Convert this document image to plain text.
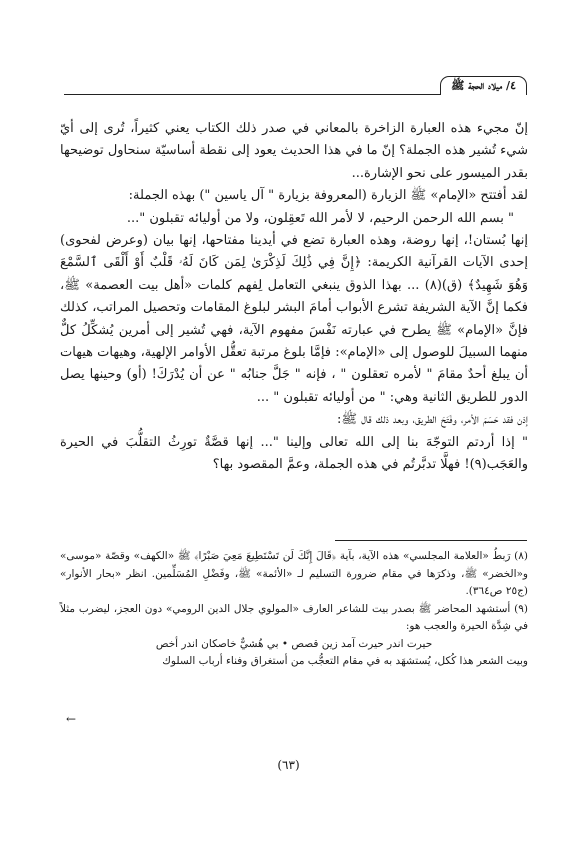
٤/ ميلاد الحجة ﷺ

إنّ مجيء هذه العبارة الزاخرة بالمعاني في صدر ذلك الكتاب يعني كثيراً، تُرى إلى أيّ شيء تُشير هذه الجملة؟ إنّ ما في هذا الحديث يعود إلى نقطة أساسيّة سنحاول توضيحها بقدر الميسور على نحو الإشارة...

لقد أفتتح «الإمام» ﷺ الزيارة (المعروفة بزيارة " آل ياسين ") بهذه الجملة:

" بسم الله الرحمن الرحيم، لا لأمر الله تَعقِلون، ولا من أوليائه تقبلون "...

إنها بُستان!، إنها روضة، وهذه العبارة تضع في أيدينا مفتاحها، إنها بيان (وعرض لفحوى) إحدى الآيات القرآنية الكريمة: ﴿إِنَّ فِي ذَٰلِكَ لَذِكْرَىٰ لِمَن كَانَ لَهُۥ قَلْبٌ أَوْ أَلْقَى ٱلسَّمْعَ وَهُوَ شَهِيدٌ﴾ (ق)(٨) ... بهذا الذوق ينبغي التعامل لِفهم كلمات «أهل بيت العصمة» ﷺ، فكما إنَّ الآية الشريفة تشرع الأبواب أمامَ البشر لبلوغ المقامات وتحصيل المراتب، كذلك فإنَّ «الإمام» ﷺ يطرح في عبارته نَفْسَ مفهوم الآية، فهي تُشير إلى أمرين يُشكِّلُ كلٌّ منهما السبيلَ للوصول إلى «الإمام»: فإمَّا بلوغ مرتبة تعقُّل الأوامر الإلهية، وهيهات هيهات أن يبلغ أحدٌ مقامَ " لأمره تعقلون " ، فإنه " جَلَّ جنابُه " عن أن يُدْرَكَ! (أو) وحينها يصل الدور للطريق الثانية وهي: " من أوليائه تقبلون " ...

إذن فقد حَسَمَ الأمر، وفَتَحَ الطريق، وبعد ذلك قال ﷺ:

" إذا أردتم التوجّهَ بنا إلى الله تعالى وإلينا "... إنها قصَّةٌ تورِثُ التقلُّبَ في الحيرة والعَجَب(٩)! فهلَّا تدبَّرتُم في هذه الجملة، وعمَّ المقصود بها؟

(٨) رَبطُ «العلامة المجلسي» هذه الآية، بآية ﴿قَالَ إِنَّكَ لَن تَسْتَطِيعَ مَعِيَ صَبْرًا﴾ ﷺ «الكهف» وقصّة «موسى» و«الخضر» ﷺ، وذكرَها في مقام ضرورة التسليم لـ «الأئمة» ﷺ، وفَضْلِ المُسَلِّمين. انظر «بحار الأنوار» (ج٢٥ ص٣٦٤).

(٩) أستشهد المحاضر ﷺ بصدر بيت للشاعر العارف «المولوي جلال الدين الرومي» دون العجز، ليضرب مثلاً في شِدَّة الحيرة والعجب هو:

حيرت اندر حيرت آمد زين قصص • بي هُشيٌّ خاصكان اندر أخص

وبيت الشعر هذا كُكل، يُستشهَد به في مقام التعجُّب من أستغراق وفناء أرباب السلوك

←
(٦٣)
